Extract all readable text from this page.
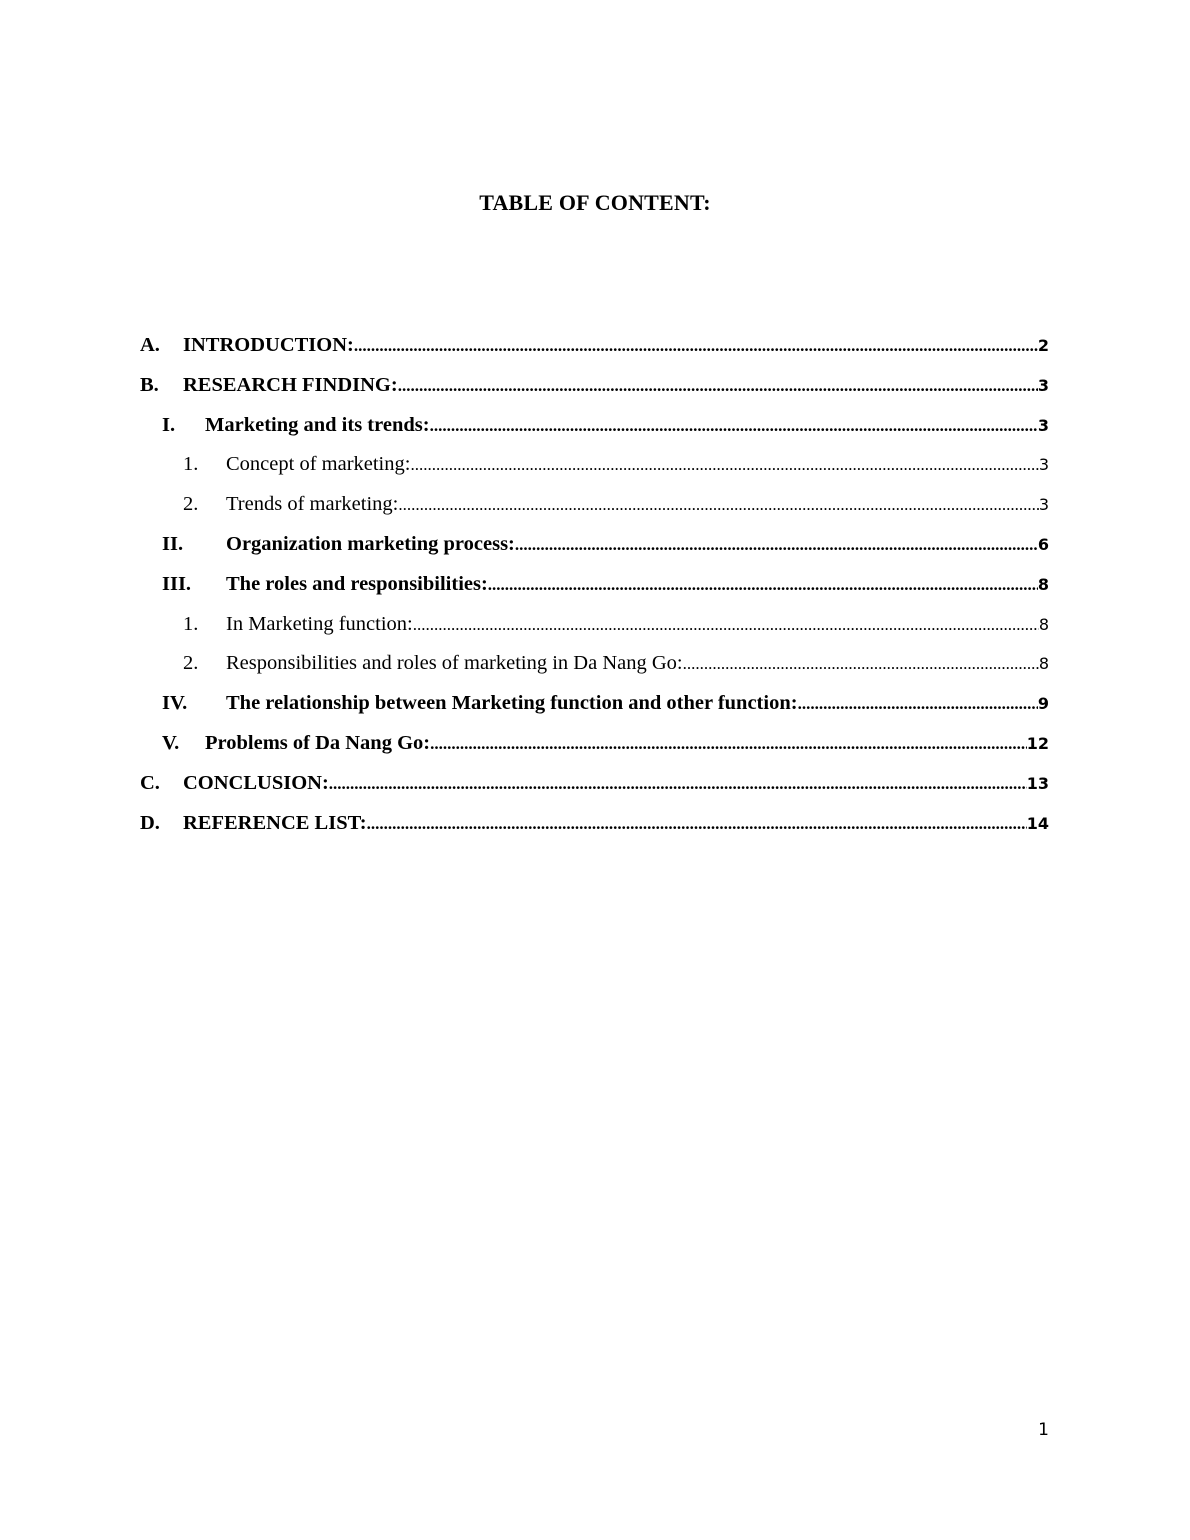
TABLE OF CONTENT:
A.	INTRODUCTION: .....	2
B.	RESEARCH FINDING: .....	3
I.	Marketing and its trends: .....	3
1.	Concept of marketing: .....	3
2.	Trends of marketing: .....	3
II.	Organization marketing process: .....	6
III.	The roles and responsibilities: .....	8
1.	In Marketing function: .....	8
2.	Responsibilities and roles of marketing in Da Nang Go: .....	8
IV.	The relationship between Marketing function and other function: .....	9
V.	Problems of Da Nang Go: .....	12
C.	CONCLUSION: .....	13
D.	REFERENCE LIST: .....	14
1
